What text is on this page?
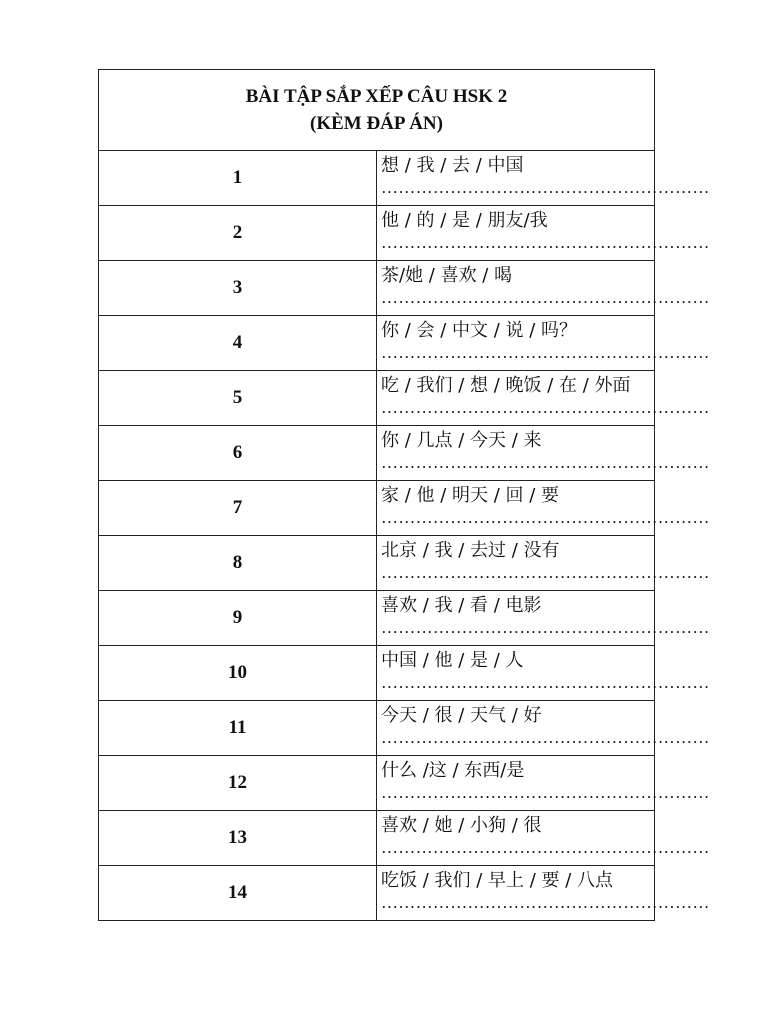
BÀI TẬP SẮP XẾP CÂU HSK 2
(KÈM ĐÁP ÁN)	

1	想 / 我 / 去 / 中国
…………………………………………………

2	他 / 的 / 是 / 朋友/我
…………………………………………………

3	茶/她 / 喜欢 / 喝
…………………………………………………

4	你 / 会 / 中文 / 说 / 吗？
…………………………………………………

5	吃 / 我们 / 想 / 晚饭 / 在 / 外面
…………………………………………………

6	你 / 几点 / 今天 / 来
…………………………………………………

7	家 / 他 / 明天 / 回 / 要
…………………………………………………

8	北京 / 我 / 去过 / 没有
…………………………………………………

9	喜欢 / 我 / 看 / 电影
…………………………………………………

10	中国 / 他 / 是 / 人
…………………………………………………

11	今天 / 很 / 天气 / 好
…………………………………………………

12	什么 /这 / 东西/是
…………………………………………………

13	喜欢 / 她 / 小狗 / 很
…………………………………………………

14	吃饭 / 我们 / 早上 / 要 / 八点
…………………………………………………
